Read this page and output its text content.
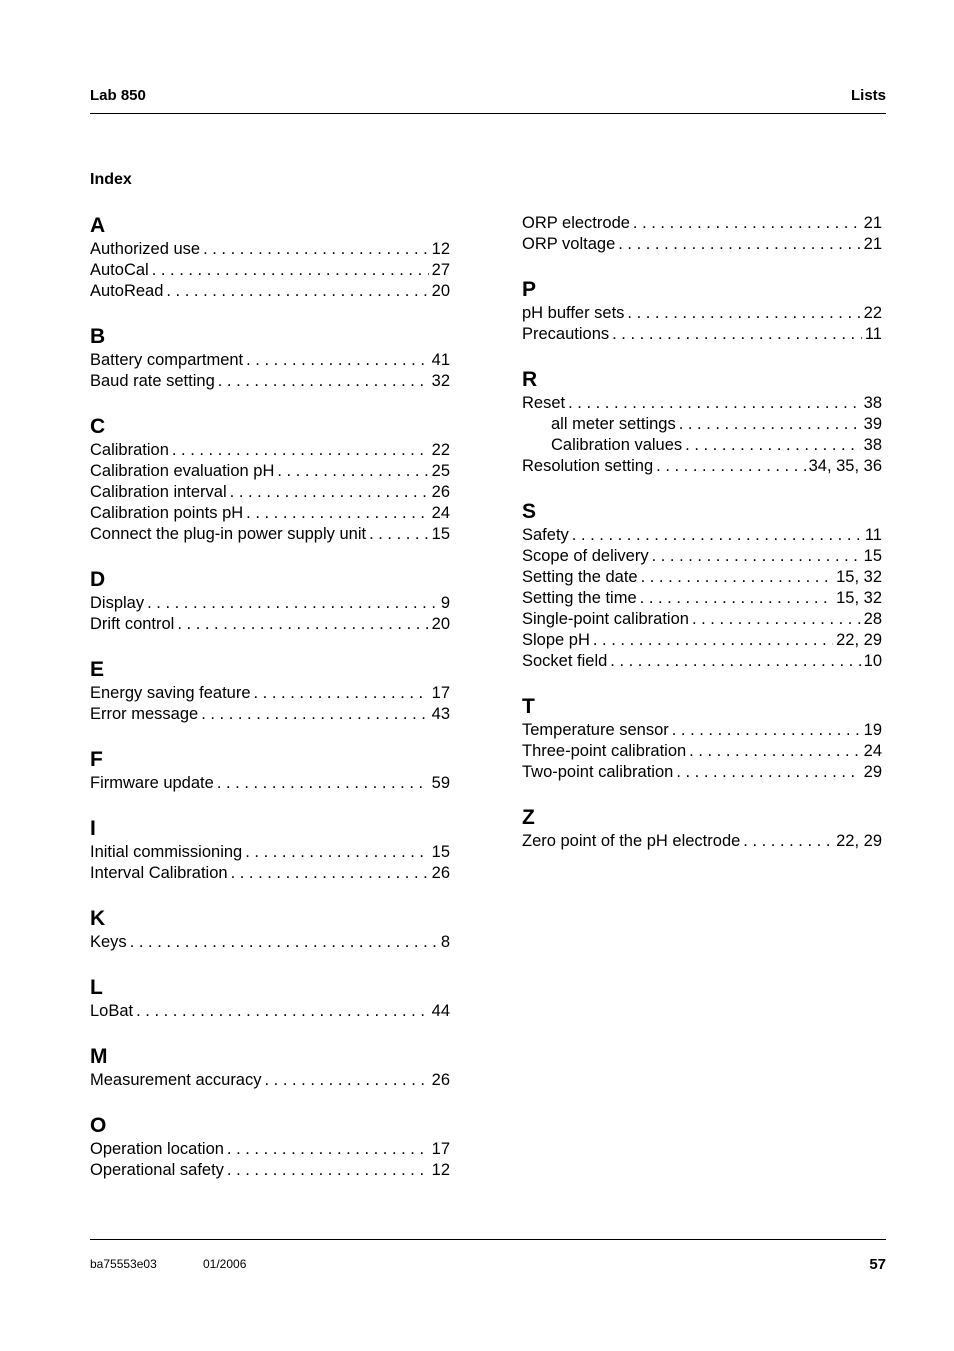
Lab 850	Lists
Index
A
Authorized use . . .	12
AutoCal . . .	27
AutoRead . . .	20
B
Battery compartment . . .	41
Baud rate setting . . .	32
C
Calibration . . .	22
Calibration evaluation pH . . .	25
Calibration interval . . .	26
Calibration points pH . . .	24
Connect the plug-in power supply unit . . .	15
D
Display . . .	9
Drift control . . .	20
E
Energy saving feature . . .	17
Error message . . .	43
F
Firmware update . . .	59
I
Initial commissioning . . .	15
Interval Calibration . . .	26
K
Keys . . .	8
L
LoBat . . .	44
M
Measurement accuracy . . .	26
O
Operation location . . .	17
Operational safety . . .	12
ORP electrode . . .	21
ORP voltage . . .	21
P
pH buffer sets . . .	22
Precautions . . .	11
R
Reset . . .	38
all meter settings . . .	39
Calibration values . . .	38
Resolution setting . . .	34, 35, 36
S
Safety . . .	11
Scope of delivery . . .	15
Setting the date . . .	15, 32
Setting the time . . .	15, 32
Single-point calibration . . .	28
Slope pH . . .	22, 29
Socket field . . .	10
T
Temperature sensor . . .	19
Three-point calibration . . .	24
Two-point calibration . . .	29
Z
Zero point of the pH electrode . . .	22, 29
ba75553e03	01/2006	57
